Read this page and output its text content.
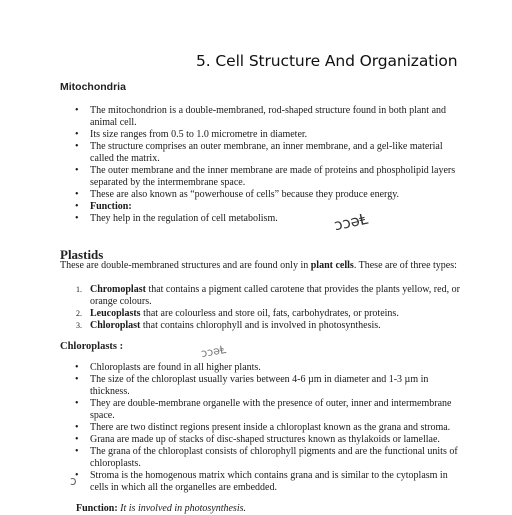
5. Cell Structure And Organization
Mitochondria
• The mitochondrion is a double-membraned, rod-shaped structure found in both plant and animal cell.
• Its size ranges from 0.5 to 1.0 micrometre in diameter.
• The structure comprises an outer membrane, an inner membrane, and a gel-like material called the matrix.
• The outer membrane and the inner membrane are made of proteins and phospholipid layers separated by the intermembrane space.
• These are also known as “powerhouse of cells” because they produce energy.
• Function:
• They help in the regulation of cell metabolism.	ɔɔǝⱠ
Plastids
These are double-membraned structures and are found only in plant cells. These are of three types:
1. Chromoplast that contains a pigment called carotene that provides the plants yellow, red, or orange colours.
2. Leucoplasts that are colourless and store oil, fats, carbohydrates, or proteins.
3. Chloroplast that contains chlorophyll and is involved in photosynthesis.
Chloroplasts :	ɔɔǝⱠ
• Chloroplasts are found in all higher plants.
• The size of the chloroplast usually varies between 4-6 µm in diameter and 1-3 µm in thickness.
• They are double-membrane organelle with the presence of outer, inner and intermembrane space.
• There are two distinct regions present inside a chloroplast known as the grana and stroma.
• Grana are made up of stacks of disc-shaped structures known as thylakoids or lamellae.
• The grana of the chloroplast consists of chlorophyll pigments and are the functional units of chloroplasts.
• Stroma is the homogenous matrix which contains grana and is similar to the cytoplasm in cells in which all the organelles are embedded.
ɔ
Function: It is involved in photosynthesis.
